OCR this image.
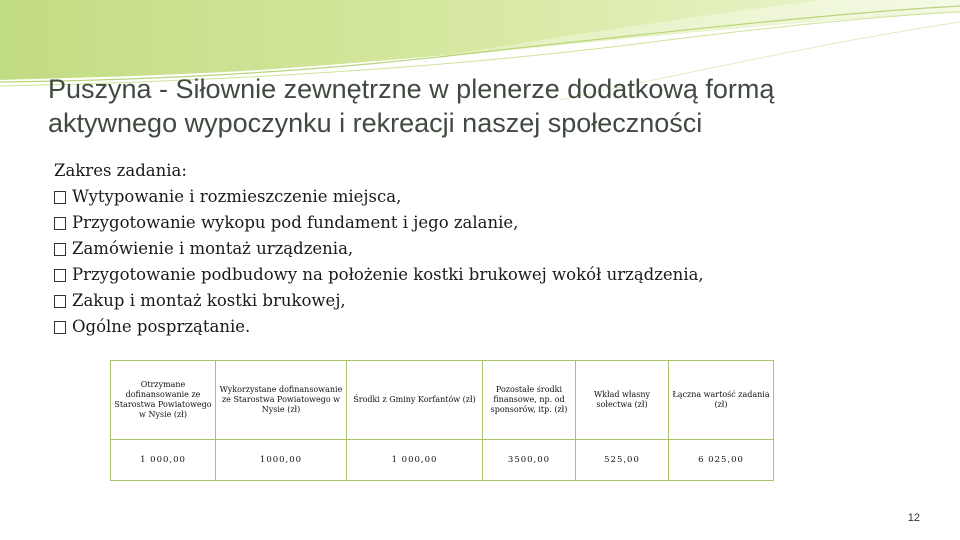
Puszyna - Siłownie zewnętrzne w plenerze dodatkową formą
aktywnego wypoczynku i rekreacji naszej społeczności
Zakres zadania:
Wytypowanie i rozmieszczenie miejsca,
Przygotowanie wykopu pod fundament i jego zalanie,
Zamówienie i montaż urządzenia,
Przygotowanie podbudowy na położenie kostki brukowej wokół urządzenia,
Zakup i montaż kostki brukowej,
Ogólne posprzątanie.
Otrzymane dofinansowanie ze Starostwa Powiatowego w Nysie (zł)	Wykorzystane dofinansowanie ze Starostwa Powiatowego w Nysie (zł)	Środki z Gminy Korfantów (zł)	Pozostałe środki finansowe, np. od sponsorów, itp. (zł)	Wkład własny sołectwa (zł)	Łączna wartość zadania (zł)
1 000,00	1000,00	1 000,00	3500,00	525,00	6 025,00
12
